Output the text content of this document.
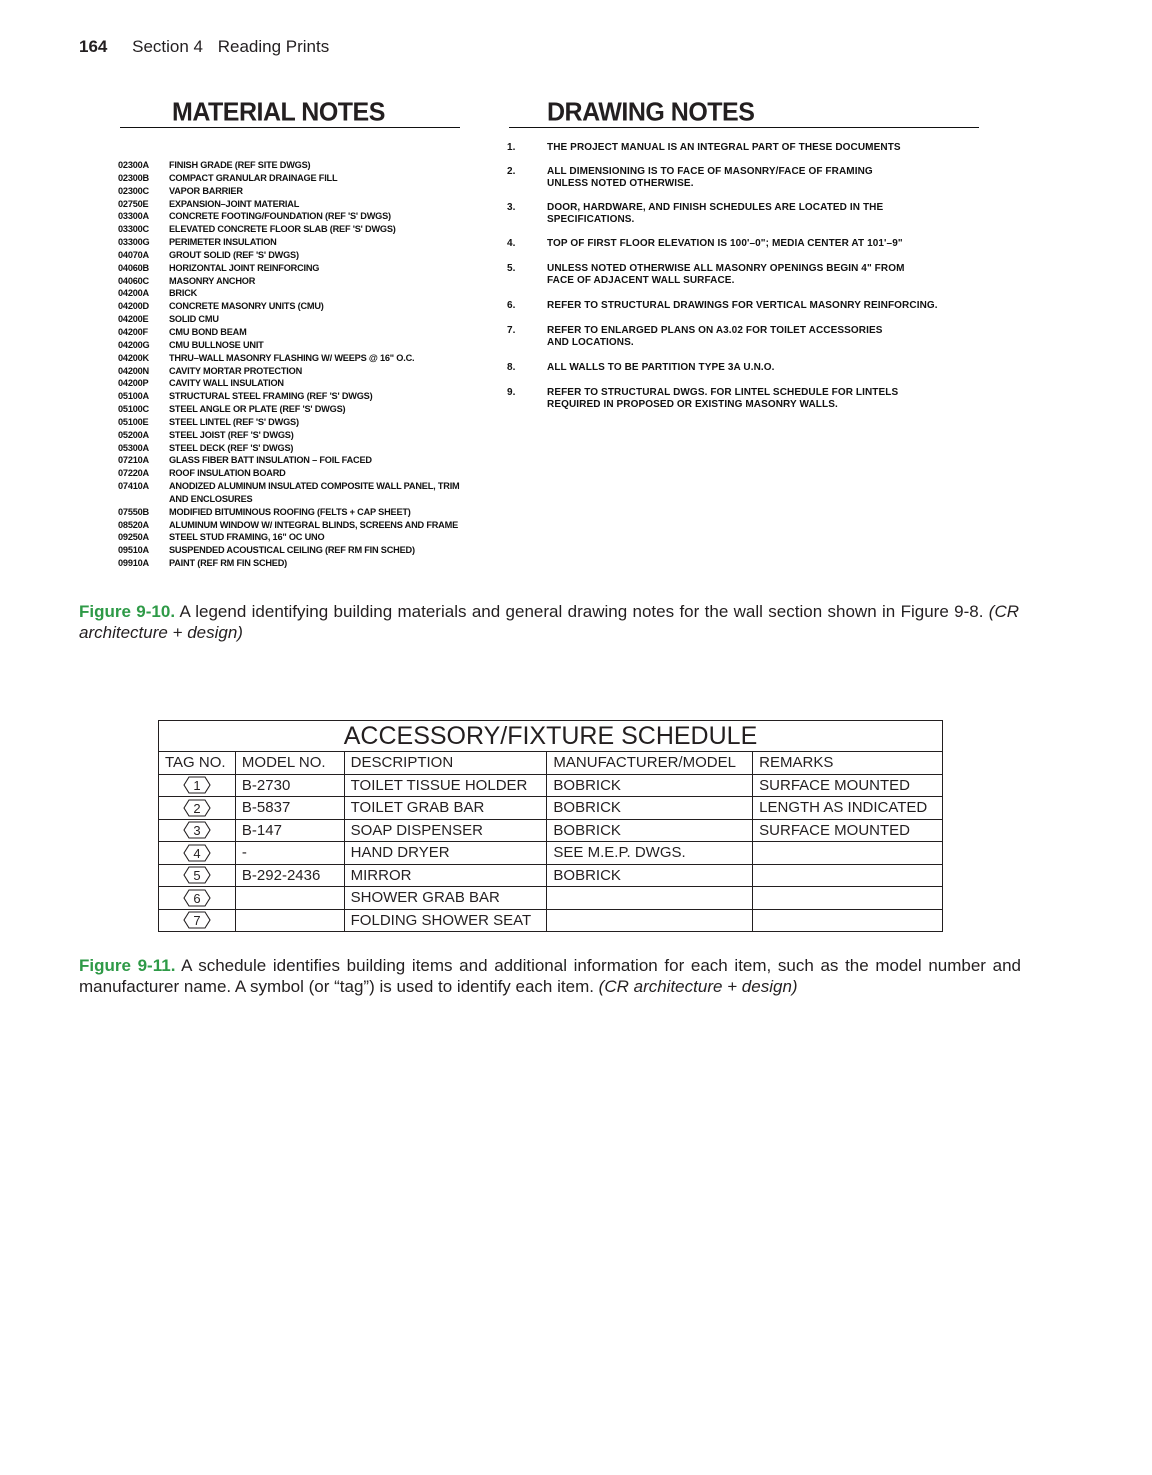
164 Section 4 Reading Prints
MATERIAL NOTES
02300A	FINISH GRADE (REF SITE DWGS)
02300B	COMPACT GRANULAR DRAINAGE FILL
02300C	VAPOR BARRIER
02750E	EXPANSION–JOINT MATERIAL
03300A	CONCRETE FOOTING/FOUNDATION (REF 'S' DWGS)
03300C	ELEVATED CONCRETE FLOOR SLAB (REF 'S' DWGS)
03300G	PERIMETER INSULATION
04070A	GROUT SOLID (REF 'S' DWGS)
04060B	HORIZONTAL JOINT REINFORCING
04060C	MASONRY ANCHOR
04200A	BRICK
04200D	CONCRETE MASONRY UNITS (CMU)
04200E	SOLID CMU
04200F	CMU BOND BEAM
04200G	CMU BULLNOSE UNIT
04200K	THRU–WALL MASONRY FLASHING W/ WEEPS @ 16" O.C.
04200N	CAVITY MORTAR PROTECTION
04200P	CAVITY WALL INSULATION
05100A	STRUCTURAL STEEL FRAMING (REF 'S' DWGS)
05100C	STEEL ANGLE OR PLATE (REF 'S' DWGS)
05100E	STEEL LINTEL (REF 'S' DWGS)
05200A	STEEL JOIST (REF 'S' DWGS)
05300A	STEEL DECK (REF 'S' DWGS)
07210A	GLASS FIBER BATT INSULATION – FOIL FACED
07220A	ROOF INSULATION BOARD
07410A	ANODIZED ALUMINUM INSULATED COMPOSITE WALL PANEL, TRIM AND ENCLOSURES
07550B	MODIFIED BITUMINOUS ROOFING (FELTS + CAP SHEET)
08520A	ALUMINUM WINDOW W/ INTEGRAL BLINDS, SCREENS AND FRAME
09250A	STEEL STUD FRAMING, 16" OC UNO
09510A	SUSPENDED ACOUSTICAL CEILING (REF RM FIN SCHED)
09910A	PAINT (REF RM FIN SCHED)
DRAWING NOTES
1.	THE PROJECT MANUAL IS AN INTEGRAL PART OF THESE DOCUMENTS
2.	ALL DIMENSIONING IS TO FACE OF MASONRY/FACE OF FRAMING
UNLESS NOTED OTHERWISE.
3.	DOOR, HARDWARE, AND FINISH SCHEDULES ARE LOCATED IN THE
SPECIFICATIONS.
4.	TOP OF FIRST FLOOR ELEVATION IS 100'–0"; MEDIA CENTER AT 101'–9"
5.	UNLESS NOTED OTHERWISE ALL MASONRY OPENINGS BEGIN 4" FROM
FACE OF ADJACENT WALL SURFACE.
6.	REFER TO STRUCTURAL DRAWINGS FOR VERTICAL MASONRY REINFORCING.
7.	REFER TO ENLARGED PLANS ON A3.02 FOR TOILET ACCESSORIES
AND LOCATIONS.
8.	ALL WALLS TO BE PARTITION TYPE 3A U.N.O.
9.	REFER TO STRUCTURAL DWGS. FOR LINTEL SCHEDULE FOR LINTELS
REQUIRED IN PROPOSED OR EXISTING MASONRY WALLS.
Figure 9-10. A legend identifying building materials and general drawing notes for the wall section shown in Figure 9-8. (CR architecture + design)
ACCESSORY/FIXTURE SCHEDULE				
TAG NO.	MODEL NO.	DESCRIPTION	MANUFACTURER/MODEL	REMARKS

1	B-2730	TOILET TISSUE HOLDER	BOBRICK	SURFACE MOUNTED

2	B-5837	TOILET GRAB BAR	BOBRICK	LENGTH AS INDICATED

3	B-147	SOAP DISPENSER	BOBRICK	SURFACE MOUNTED

4	-	HAND DRYER	SEE M.E.P. DWGS.	

5	B-292-2436	MIRROR	BOBRICK	

6		SHOWER GRAB BAR		

7		FOLDING SHOWER SEAT		
Figure 9-11. A schedule identifies building items and additional information for each item, such as the model number and manufacturer name. A symbol (or “tag”) is used to identify each item. (CR architecture + design)
